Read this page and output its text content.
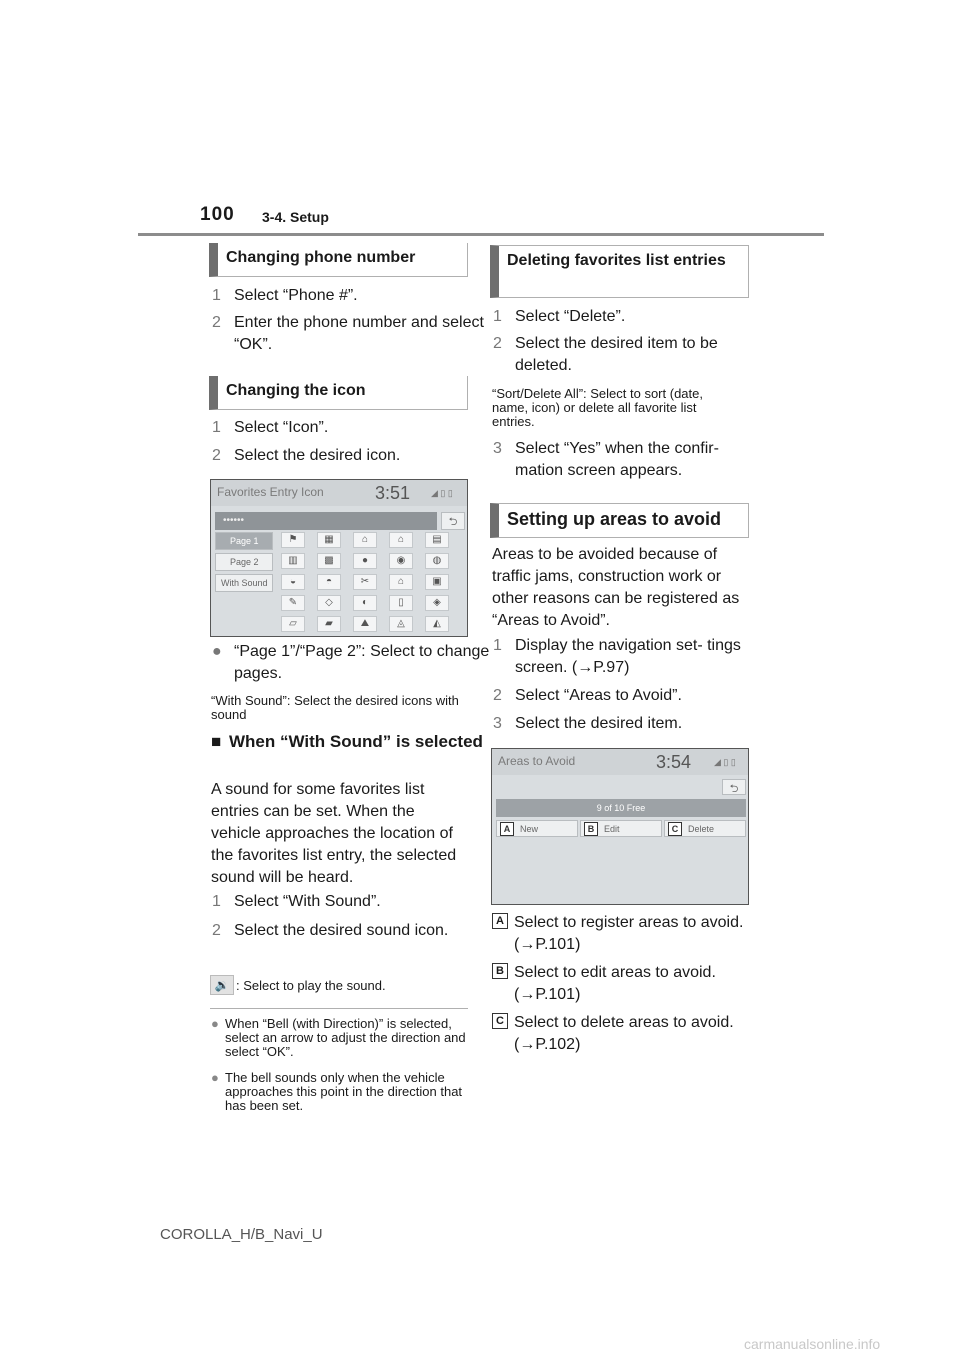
100 3-4. Setup
Changing phone number
1 Select “Phone #”.
2 Enter the phone number and select “OK”.
Changing the icon
1 Select “Icon”.
2 Select the desired icon.
Favorites Entry Icon	3:51 ◢ ▯ ▯
••••••	⮌
Page 1
Page 2
With Sound
⚑	▦	⌂	⌂	▤
▥	▩	●	◉	◍
◒	◓	✂	⌂	▣
✎	◇	◐	▯	◈
▱	▰	⛰	◬	◭
● “Page 1”/“Page 2”: Select to change pages.
“With Sound”: Select the desired icons with sound
■ When “With Sound” is selected
A sound for some favorites list entries can be set. When the vehicle approaches the location of the favorites list entry, the selected sound will be heard.
1 Select “With Sound”.
2 Select the desired sound icon.
🔉 : Select to play the sound.
● When “Bell (with Direction)” is selected, select an arrow to adjust the direction and select “OK”.
● The bell sounds only when the vehicle approaches this point in the direction that has been set.
Deleting favorites list entries
1 Select “Delete”.
2 Select the desired item to be deleted.
“Sort/Delete All”: Select to sort (date, name, icon) or delete all favorite list entries.
3 Select “Yes” when the confir- mation screen appears.
Setting up areas to avoid
Areas to be avoided because of traffic jams, construction work or other reasons can be registered as “Areas to Avoid”.
1 Display the navigation set- tings screen. (→P.97)
2 Select “Areas to Avoid”.
3 Select the desired item.
Areas to Avoid	3:54	◢ ▯ ▯
⮌
9 of 10 Free
A New	B Edit	C Delete
A Select to register areas to avoid. (→P.101)
B Select to edit areas to avoid. (→P.101)
C Select to delete areas to avoid. (→P.102)
COROLLA_H/B_Navi_U
carmanualsonline.info
